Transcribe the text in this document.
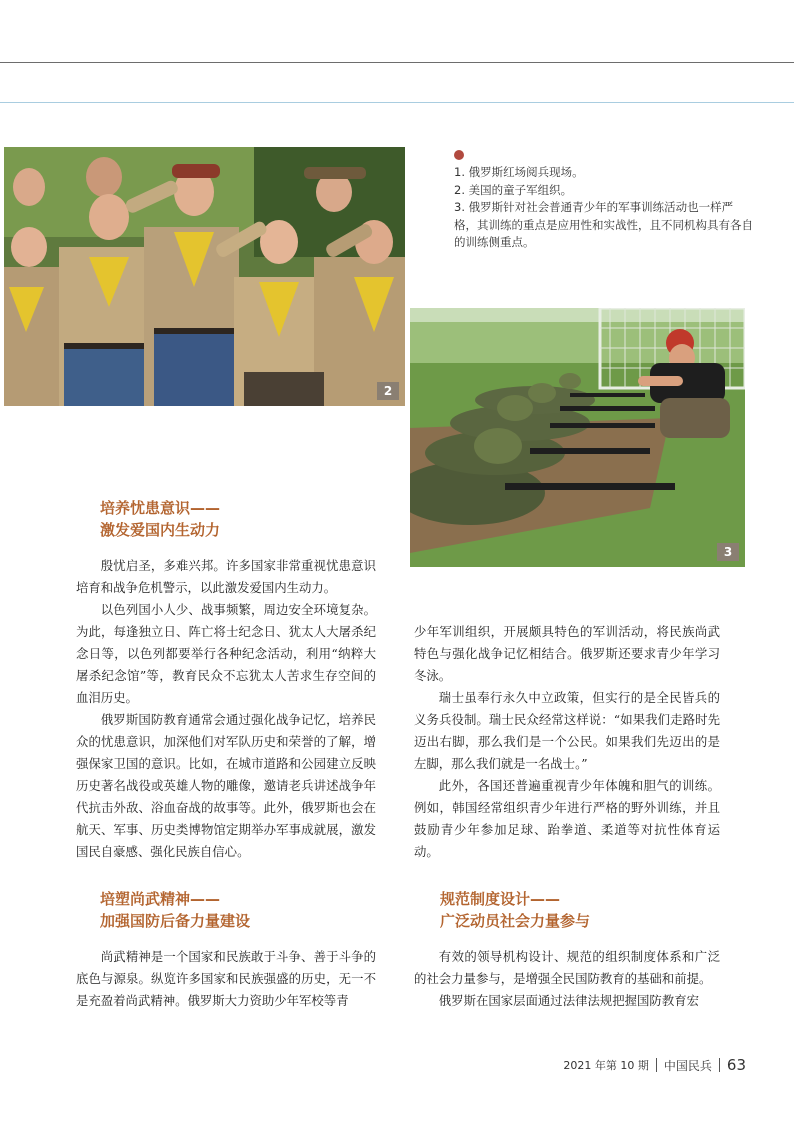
2

1. 俄罗斯红场阅兵现场。

2. 美国的童子军组织。

3. 俄罗斯针对社会普通青少年的军事训练活动也一样严格，其训练的重点是应用性和实战性，且不同机构具有各自的训练侧重点。

3
培养忧患意识——
激发爱国内生动力

殷忧启圣，多难兴邦。许多国家非常重视忧患意识培育和战争危机警示，以此激发爱国内生动力。

以色列国小人少、战事频繁，周边安全环境复杂。为此，每逢独立日、阵亡将士纪念日、犹太人大屠杀纪念日等，以色列都要举行各种纪念活动，利用“纳粹大屠杀纪念馆”等，教育民众不忘犹太人苦求生存空间的血泪历史。

俄罗斯国防教育通常会通过强化战争记忆，培养民众的忧患意识，加深他们对军队历史和荣誉的了解，增强保家卫国的意识。比如，在城市道路和公园建立反映历史著名战役或英雄人物的雕像，邀请老兵讲述战争年代抗击外敌、浴血奋战的故事等。此外，俄罗斯也会在航天、军事、历史类博物馆定期举办军事成就展，激发国民自豪感、强化民族自信心。

培塑尚武精神——
加强国防后备力量建设

尚武精神是一个国家和民族敢于斗争、善于斗争的底色与源泉。纵览许多国家和民族强盛的历史，无一不是充盈着尚武精神。俄罗斯大力资助少年军校等青

少年军训组织，开展颇具特色的军训活动，将民族尚武特色与强化战争记忆相结合。俄罗斯还要求青少年学习冬泳。

瑞士虽奉行永久中立政策，但实行的是全民皆兵的义务兵役制。瑞士民众经常这样说：“如果我们走路时先迈出右脚，那么我们是一个公民。如果我们先迈出的是左脚，那么我们就是一名战士。”

此外，各国还普遍重视青少年体魄和胆气的训练。例如，韩国经常组织青少年进行严格的野外训练，并且鼓励青少年参加足球、跆拳道、柔道等对抗性体育运动。

规范制度设计——
广泛动员社会力量参与

有效的领导机构设计、规范的组织制度体系和广泛的社会力量参与，是增强全民国防教育的基础和前提。

俄罗斯在国家层面通过法律法规把握国防教育宏

2021 年第 10 期 中国民兵 63
